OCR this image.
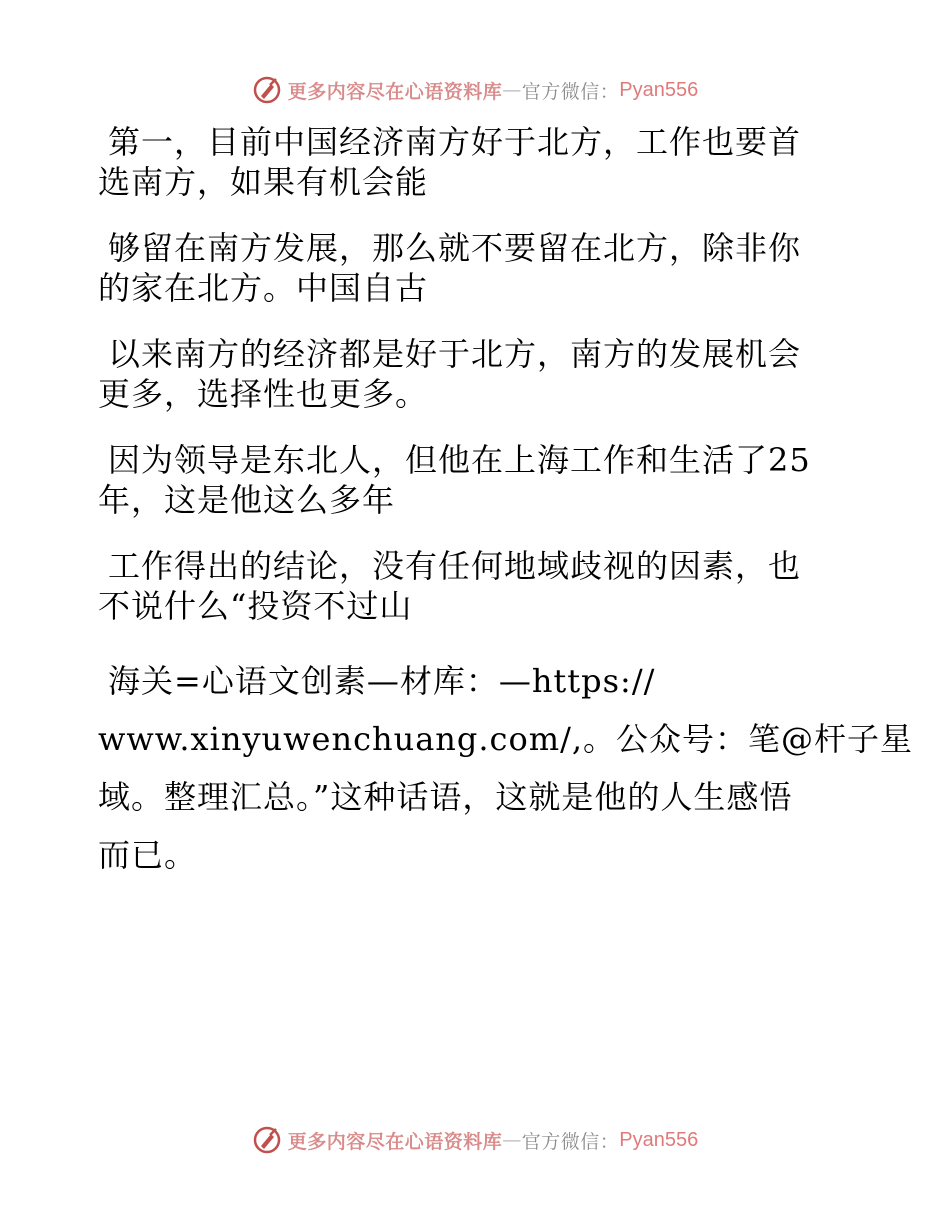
更多内容尽在心语资料库 — 官方微信： Pyan556
第一，目前中国经济南方好于北方，工作也要首
选南方，如果有机会能
够留在南方发展，那么就不要留在北方，除非你
的家在北方。中国自古
以来南方的经济都是好于北方，南方的发展机会
更多，选择性也更多。
因为领导是东北人，但他在上海工作和生活了25
年，这是他这么多年
工作得出的结论，没有任何地域歧视的因素，也
不说什么“投资不过山
海关=心语文创素—材库：—https://
www.xinyuwenchuang.com/,。公众号：笔@杆子星
域。整理汇总。”这种话语，这就是他的人生感悟
而已。
更多内容尽在心语资料库 — 官方微信： Pyan556
